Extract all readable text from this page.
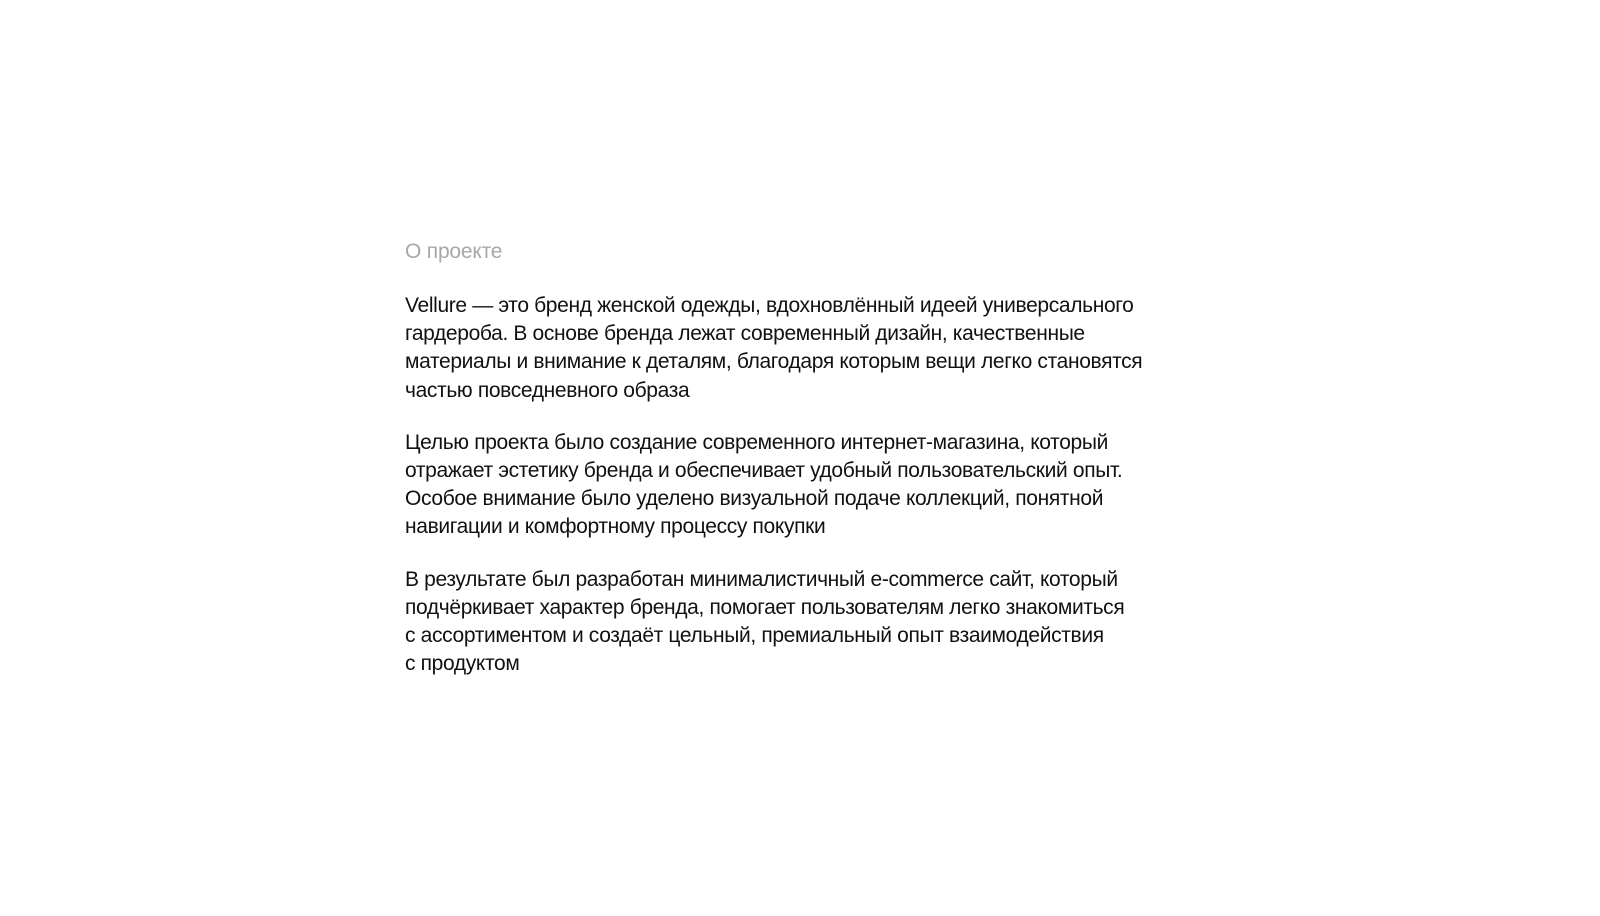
О проекте
Vellure — это бренд женской одежды, вдохновлённый идеей универсального
гардероба. В основе бренда лежат современный дизайн, качественные
материалы и внимание к деталям, благодаря которым вещи легко становятся
частью повседневного образа
Целью проекта было создание современного интернет-магазина, который
отражает эстетику бренда и обеспечивает удобный пользовательский опыт.
Особое внимание было уделено визуальной подаче коллекций, понятной
навигации и комфортному процессу покупки
В результате был разработан минималистичный e-commerce сайт, который
подчёркивает характер бренда, помогает пользователям легко знакомиться
с ассортиментом и создаёт цельный, премиальный опыт взаимодействия
с продуктом
